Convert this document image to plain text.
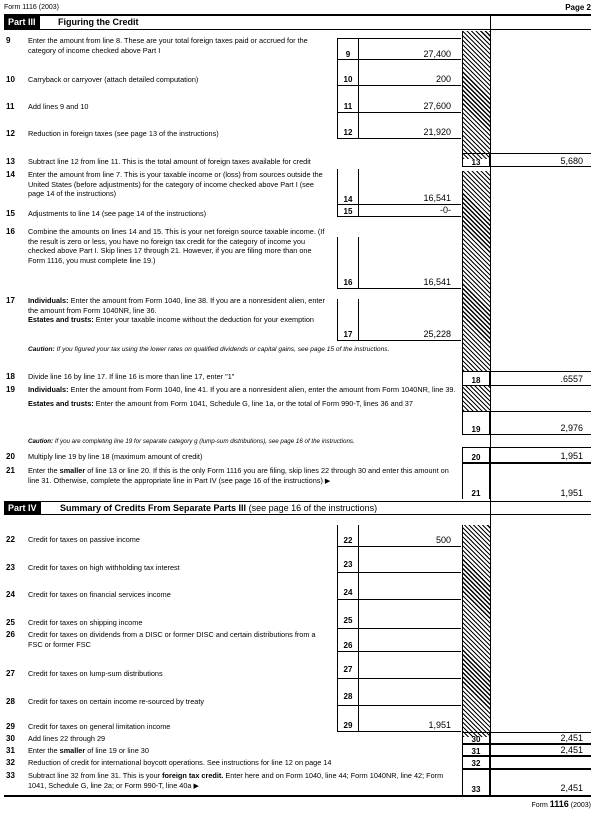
Form 1116 (2003)	Page 2
Part III	Figuring the Credit
9 Enter the amount from line 8. These are your total foreign taxes paid or accrued for the category of income checked above Part I	9	27,400
10 Carryback or carryover (attach detailed computation)	10	200
11 Add lines 9 and 10	11	27,600
12 Reduction in foreign taxes (see page 13 of the instructions)	12	21,920
13 Subtract line 12 from line 11. This is the total amount of foreign taxes available for credit	13	5,680
14 Enter the amount from line 7. This is your taxable income or (loss) from sources outside the United States (before adjustments) for the category of income checked above Part I (see page 14 of the instructions)
14	16,541
15 Adjustments to line 14 (see page 14 of the instructions)	15	-0-
16 Combine the amounts on lines 14 and 15. This is your net foreign source taxable income. (If the result is zero or less, you have no foreign tax credit for the category of income you checked above Part I. Skip lines 17 through 21. However, if you are filing more than one Form 1116, you must complete line 19.)
16	16,541
17 Individuals: Enter the amount from Form 1040, line 38. If you are a nonresident alien, enter the amount from Form 1040NR, line 36.
Estates and trusts: Enter your taxable income without the deduction for your exemption
17	25,228
Caution: If you figured your tax using the lower rates on qualified dividends or capital gains, see page 15 of the instructions.
18 Divide line 16 by line 17. If line 16 is more than line 17, enter "1"	18	.6557
19 Individuals: Enter the amount from Form 1040, line 41. If you are a nonresident alien, enter the amount from Form 1040NR, line 39.

Estates and trusts: Enter the amount from Form 1041, Schedule G, line 1a, or the total of Form 990-T, lines 36 and 37
19	2,976
Caution: If you are completing line 19 for separate category g (lump-sum distributions), see page 16 of the instructions.
20 Multiply line 19 by line 18 (maximum amount of credit)	20	1,951
21 Enter the smaller of line 13 or line 20. If this is the only Form 1116 you are filing, skip lines 22 through 30 and enter this amount on line 31. Otherwise, complete the appropriate line in Part IV (see page 16 of the instructions) ▶
21	1,951
Part IV	Summary of Credits From Separate Parts III (see page 16 of the instructions)
22 Credit for taxes on passive income	22	500
23 Credit for taxes on high withholding tax interest	23
24 Credit for taxes on financial services income	24
25 Credit for taxes on shipping income	25
26 Credit for taxes on dividends from a DISC or former DISC and certain distributions from a FSC or former FSC	26
27 Credit for taxes on lump-sum distributions	27
28 Credit for taxes on certain income re-sourced by treaty
28
29 Credit for taxes on general limitation income	29	1,951
30 Add lines 22 through 29	30	2,451
31 Enter the smaller of line 19 or line 30	31	2,451
32 Reduction of credit for international boycott operations. See instructions for line 12 on page 14	32
33 Subtract line 32 from line 31. This is your foreign tax credit. Enter here and on Form 1040, line 44; Form 1040NR, line 42; Form 1041, Schedule G, line 2a; or Form 990-T, line 40a ▶	33	2,451
Form 1116 (2003)
